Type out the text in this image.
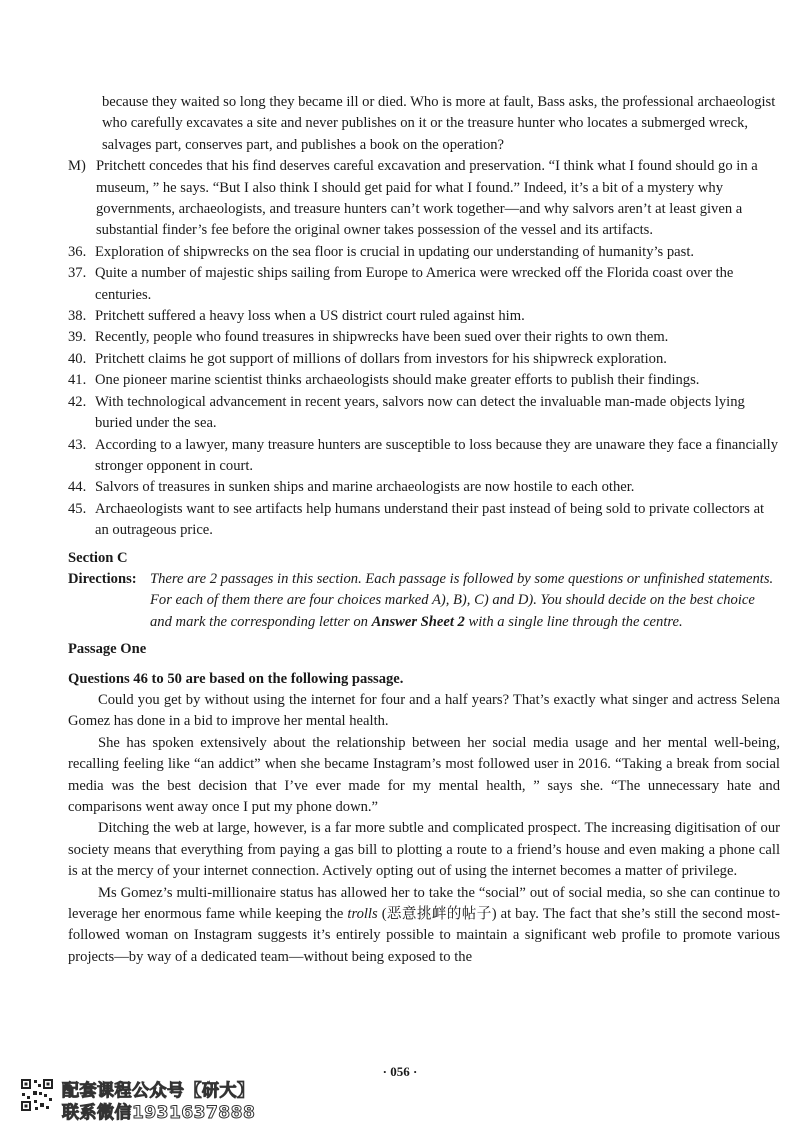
because they waited so long they became ill or died. Who is more at fault, Bass asks, the professional archaeologist who carefully excavates a site and never publishes on it or the treasure hunter who locates a submerged wreck, salvages part, conserves part, and publishes a book on the operation?
M) Pritchett concedes that his find deserves careful excavation and preservation. “I think what I found should go in a museum, ” he says. “But I also think I should get paid for what I found.” Indeed, it’s a bit of a mystery why governments, archaeologists, and treasure hunters can’t work together—and why salvors aren’t at least given a substantial finder’s fee before the original owner takes possession of the vessel and its artifacts.
36. Exploration of shipwrecks on the sea floor is crucial in updating our understanding of humanity’s past.
37. Quite a number of majestic ships sailing from Europe to America were wrecked off the Florida coast over the centuries.
38. Pritchett suffered a heavy loss when a US district court ruled against him.
39. Recently, people who found treasures in shipwrecks have been sued over their rights to own them.
40. Pritchett claims he got support of millions of dollars from investors for his shipwreck exploration.
41. One pioneer marine scientist thinks archaeologists should make greater efforts to publish their findings.
42. With technological advancement in recent years, salvors now can detect the invaluable man-made objects lying buried under the sea.
43. According to a lawyer, many treasure hunters are susceptible to loss because they are unaware they face a financially stronger opponent in court.
44. Salvors of treasures in sunken ships and marine archaeologists are now hostile to each other.
45. Archaeologists want to see artifacts help humans understand their past instead of being sold to private collectors at an outrageous price.
Section C
Directions: There are 2 passages in this section. Each passage is followed by some questions or unfinished statements. For each of them there are four choices marked A), B), C) and D). You should decide on the best choice and mark the corresponding letter on Answer Sheet 2 with a single line through the centre.
Passage One
Questions 46 to 50 are based on the following passage.
Could you get by without using the internet for four and a half years? That’s exactly what singer and actress Selena Gomez has done in a bid to improve her mental health.
She has spoken extensively about the relationship between her social media usage and her mental well-being, recalling feeling like “an addict” when she became Instagram’s most followed user in 2016. “Taking a break from social media was the best decision that I’ve ever made for my mental health, ” says she. “The unnecessary hate and comparisons went away once I put my phone down.”
Ditching the web at large, however, is a far more subtle and complicated prospect. The increasing digitisation of our society means that everything from paying a gas bill to plotting a route to a friend’s house and even making a phone call is at the mercy of your internet connection. Actively opting out of using the internet becomes a matter of privilege.
Ms Gomez’s multi-millionaire status has allowed her to take the “social” out of social media, so she can continue to leverage her enormous fame while keeping the trolls (恶意挑衅的帖子) at bay. The fact that she’s still the second most-followed woman on Instagram suggests it’s entirely possible to maintain a significant web profile to promote various projects—by way of a dedicated team—without being exposed to the
· 056 ·
配套课程公众号【研大】
联系微信1931637888
